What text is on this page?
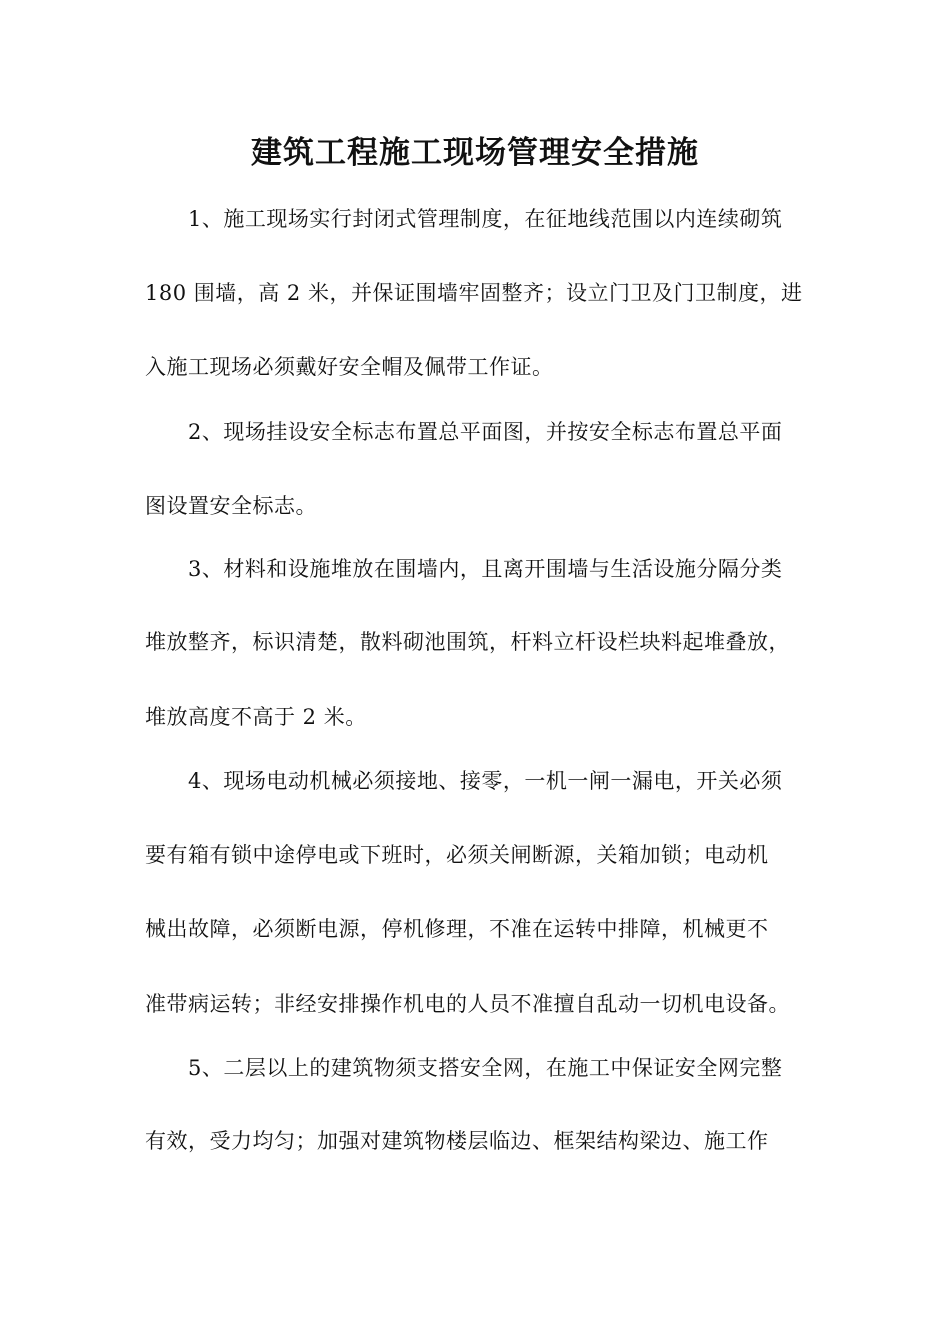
建筑工程施工现场管理安全措施
1、施工现场实行封闭式管理制度，在征地线范围以内连续砌筑
180 围墙，高 2 米，并保证围墙牢固整齐；设立门卫及门卫制度，进
入施工现场必须戴好安全帽及佩带工作证。
2、现场挂设安全标志布置总平面图，并按安全标志布置总平面
图设置安全标志。
3、材料和设施堆放在围墙内，且离开围墙与生活设施分隔分类
堆放整齐，标识清楚，散料砌池围筑，杆料立杆设栏块料起堆叠放，
堆放高度不高于 2 米。
4、现场电动机械必须接地、接零，一机一闸一漏电，开关必须
要有箱有锁中途停电或下班时，必须关闸断源，关箱加锁；电动机
械出故障，必须断电源，停机修理，不准在运转中排障，机械更不
准带病运转；非经安排操作机电的人员不准擅自乱动一切机电设备。
5、二层以上的建筑物须支搭安全网，在施工中保证安全网完整
有效，受力均匀；加强对建筑物楼层临边、框架结构梁边、施工作
